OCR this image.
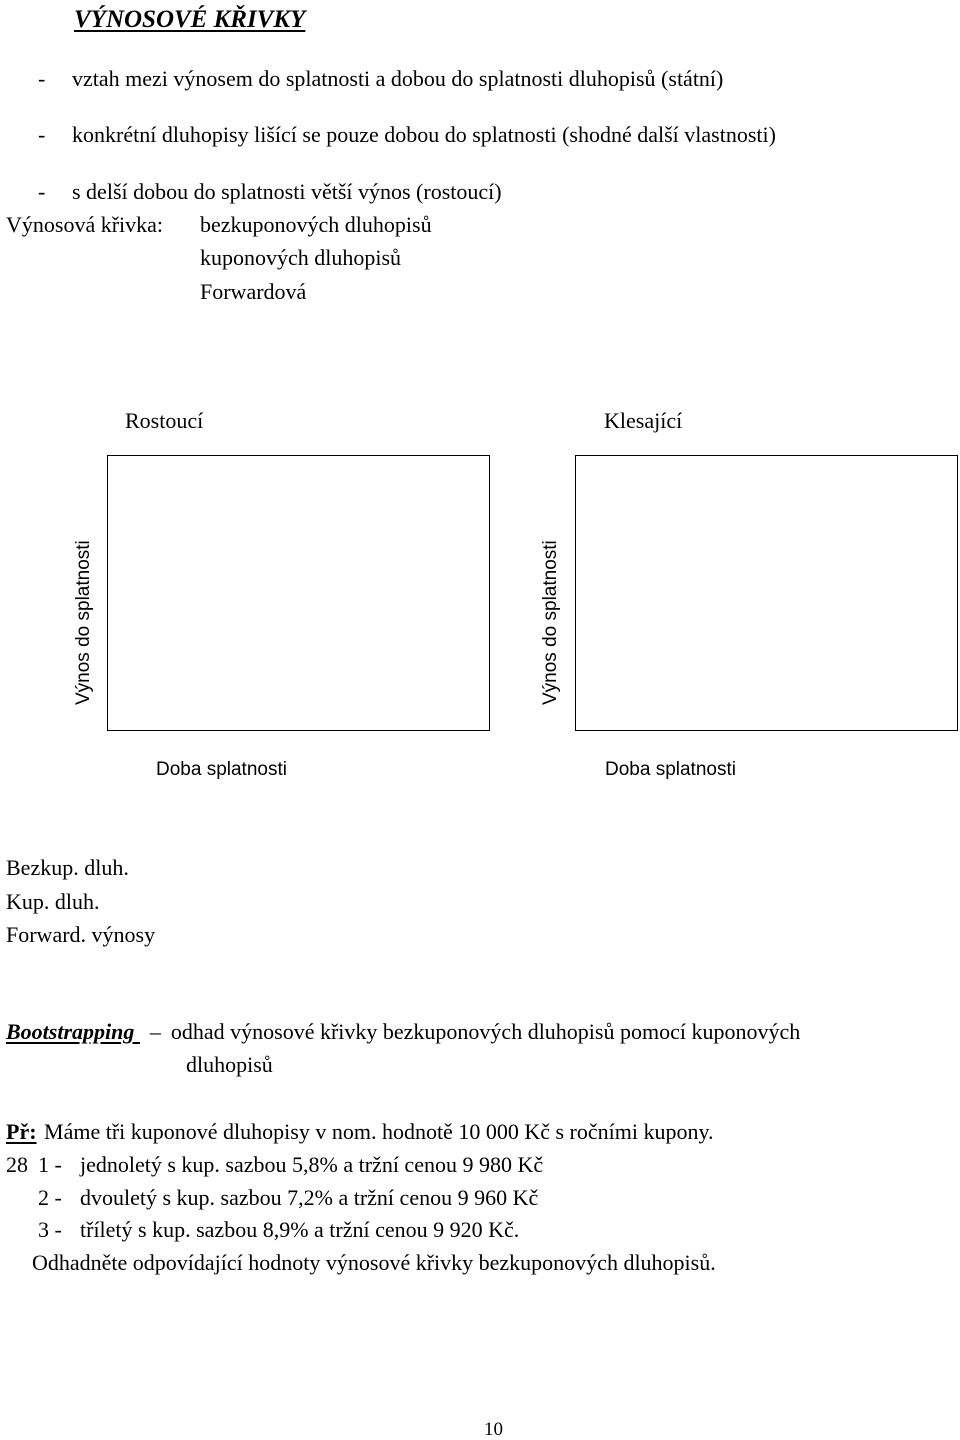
VÝNOSOVÉ KŘIVKY
- vztah mezi výnosem do splatnosti a dobou do splatnosti dluhopisů (státní)
- konkrétní dluhopisy lišící se pouze dobou do splatnosti (shodné další vlastnosti)
- s delší dobou do splatnosti větší výnos (rostoucí)
Výnosová křivka: bezkuponových dluhopisů
kuponových dluhopisů
Forwardová
Rostoucí	Klesající
Výnos do splatnosti
Doba splatnosti
Výnos do splatnosti
Doba splatnosti
Bezkup. dluh.
Kup. dluh.
Forward. výnosy
Bootstrapping – odhad výnosové křivky bezkuponových dluhopisů pomocí kuponových
dluhopisů
Př: Máme tři kuponové dluhopisy v nom. hodnotě 10 000 Kč s ročními kupony.
28 1 - jednoletý s kup. sazbou 5,8% a tržní cenou 9 980 Kč
2 - dvouletý s kup. sazbou 7,2% a tržní cenou 9 960 Kč
3 - tříletý s kup. sazbou 8,9% a tržní cenou 9 920 Kč.
Odhadněte odpovídající hodnoty výnosové křivky bezkuponových dluhopisů.
10
